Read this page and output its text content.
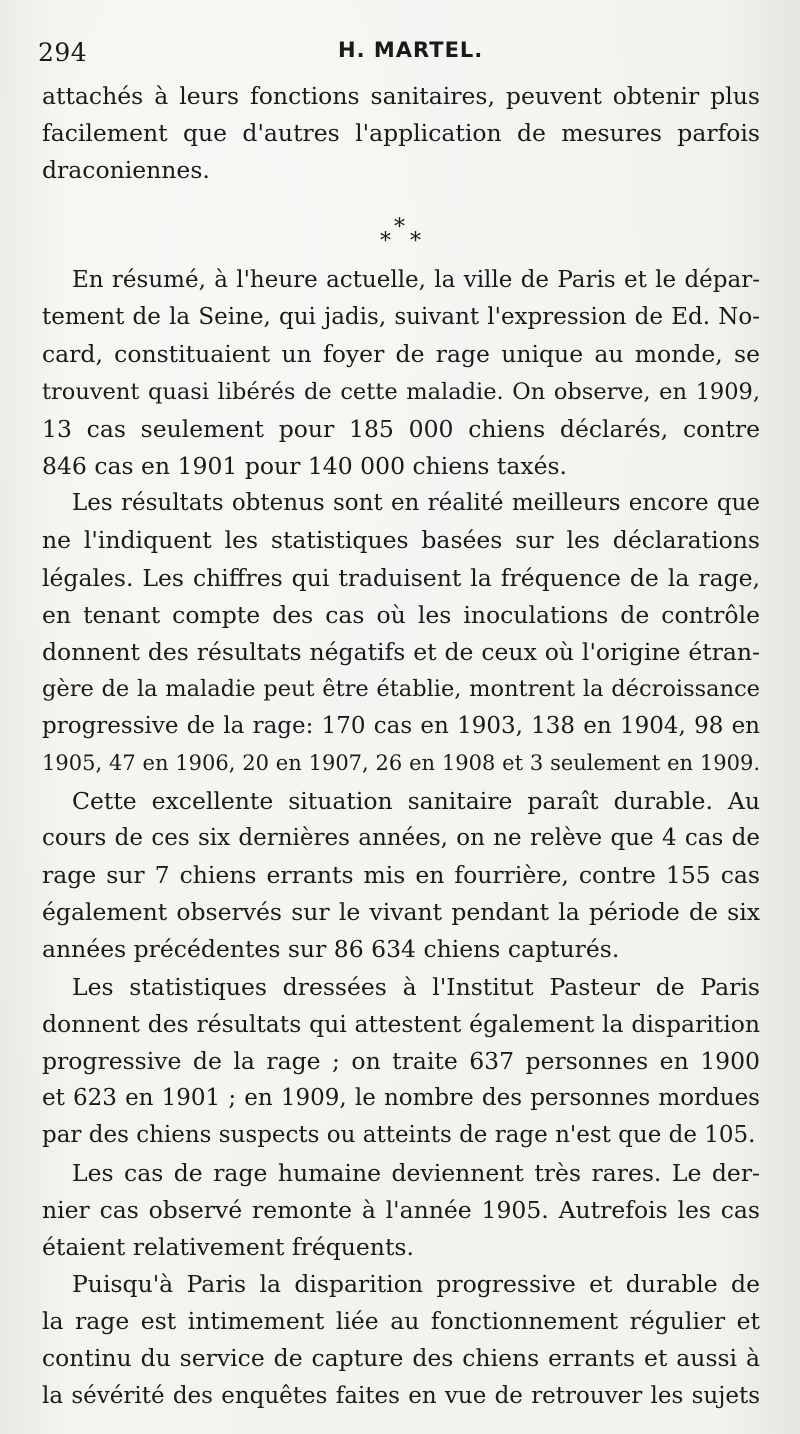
294	H. MARTEL.
attachés à leurs fonctions sanitaires, peuvent obtenir plus
facilement que d'autres l'application de mesures parfois
draconiennes.
*
* *
En résumé, à l'heure actuelle, la ville de Paris et le dépar-
tement de la Seine, qui jadis, suivant l'expression de Ed. No-
card, constituaient un foyer de rage unique au monde, se
trouvent quasi libérés de cette maladie. On observe, en 1909,
13 cas seulement pour 185 000 chiens déclarés, contre
846 cas en 1901 pour 140 000 chiens taxés.
Les résultats obtenus sont en réalité meilleurs encore que
ne l'indiquent les statistiques basées sur les déclarations
légales. Les chiffres qui traduisent la fréquence de la rage,
en tenant compte des cas où les inoculations de contrôle
donnent des résultats négatifs et de ceux où l'origine étran-
gère de la maladie peut être établie, montrent la décroissance
progressive de la rage: 170 cas en 1903, 138 en 1904, 98 en
1905, 47 en 1906, 20 en 1907, 26 en 1908 et 3 seulement en 1909.
Cette excellente situation sanitaire paraît durable. Au
cours de ces six dernières années, on ne relève que 4 cas de
rage sur 7 chiens errants mis en fourrière, contre 155 cas
également observés sur le vivant pendant la période de six
années précédentes sur 86 634 chiens capturés.
Les statistiques dressées à l'Institut Pasteur de Paris
donnent des résultats qui attestent également la disparition
progressive de la rage ; on traite 637 personnes en 1900
et 623 en 1901 ; en 1909, le nombre des personnes mordues
par des chiens suspects ou atteints de rage n'est que de 105.
Les cas de rage humaine deviennent très rares. Le der-
nier cas observé remonte à l'année 1905. Autrefois les cas
étaient relativement fréquents.
Puisqu'à Paris la disparition progressive et durable de
la rage est intimement liée au fonctionnement régulier et
continu du service de capture des chiens errants et aussi à
la sévérité des enquêtes faites en vue de retrouver les sujets
